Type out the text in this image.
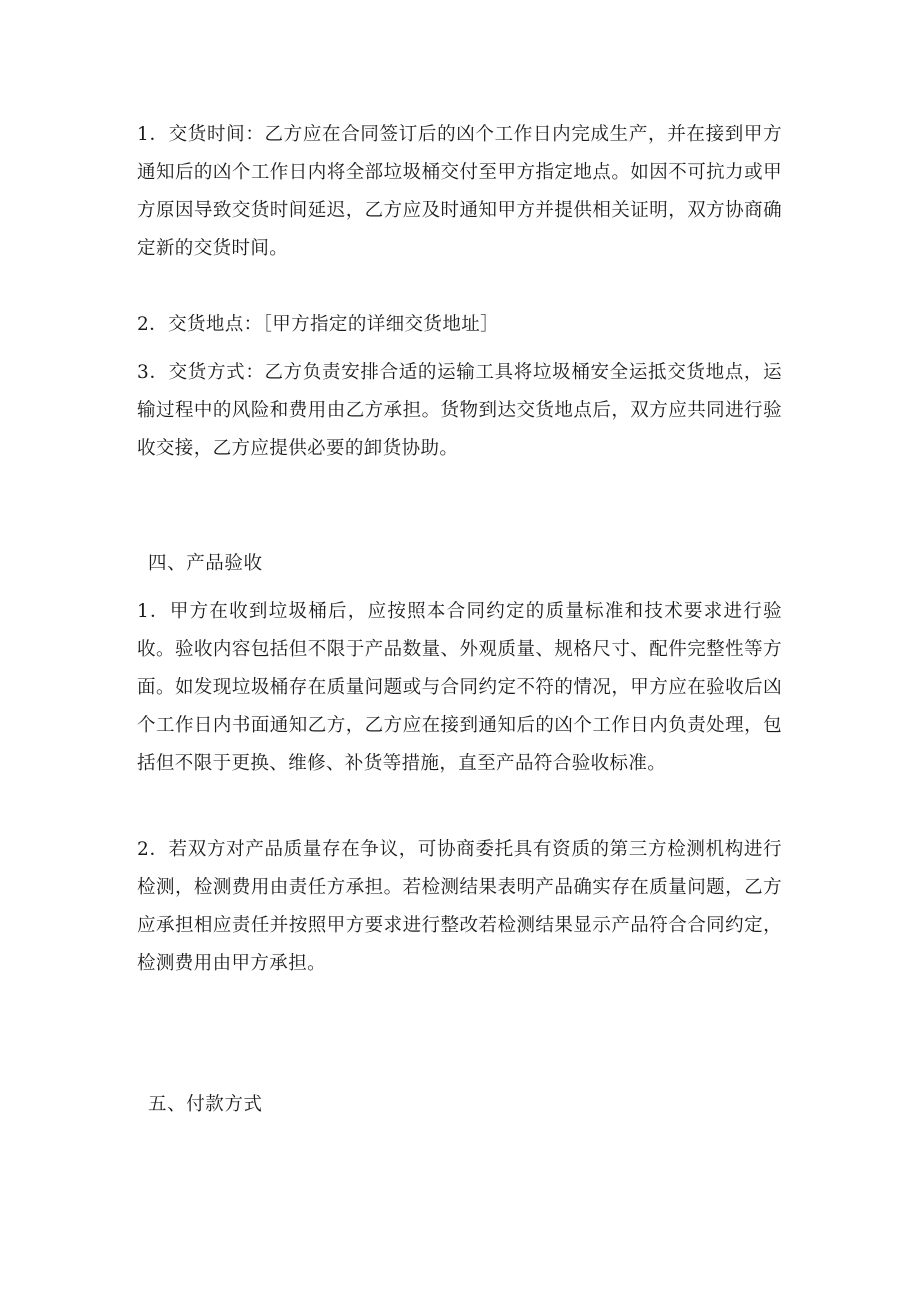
1．交货时间：乙方应在合同签订后的凶个工作日内完成生产，并在接到甲方通知后的凶个工作日内将全部垃圾桶交付至甲方指定地点。如因不可抗力或甲方原因导致交货时间延迟，乙方应及时通知甲方并提供相关证明，双方协商确定新的交货时间。

2．交货地点：［甲方指定的详细交货地址］

3．交货方式：乙方负责安排合适的运输工具将垃圾桶安全运抵交货地点，运输过程中的风险和费用由乙方承担。货物到达交货地点后，双方应共同进行验收交接，乙方应提供必要的卸货协助。

四、产品验收

1．甲方在收到垃圾桶后，应按照本合同约定的质量标准和技术要求进行验收。验收内容包括但不限于产品数量、外观质量、规格尺寸、配件完整性等方面。如发现垃圾桶存在质量问题或与合同约定不符的情况，甲方应在验收后凶个工作日内书面通知乙方，乙方应在接到通知后的凶个工作日内负责处理，包括但不限于更换、维修、补货等措施，直至产品符合验收标准。

2．若双方对产品质量存在争议，可协商委托具有资质的第三方检测机构进行检测，检测费用由责任方承担。若检测结果表明产品确实存在质量问题，乙方应承担相应责任并按照甲方要求进行整改若检测结果显示产品符合合同约定，检测费用由甲方承担。

五、付款方式
